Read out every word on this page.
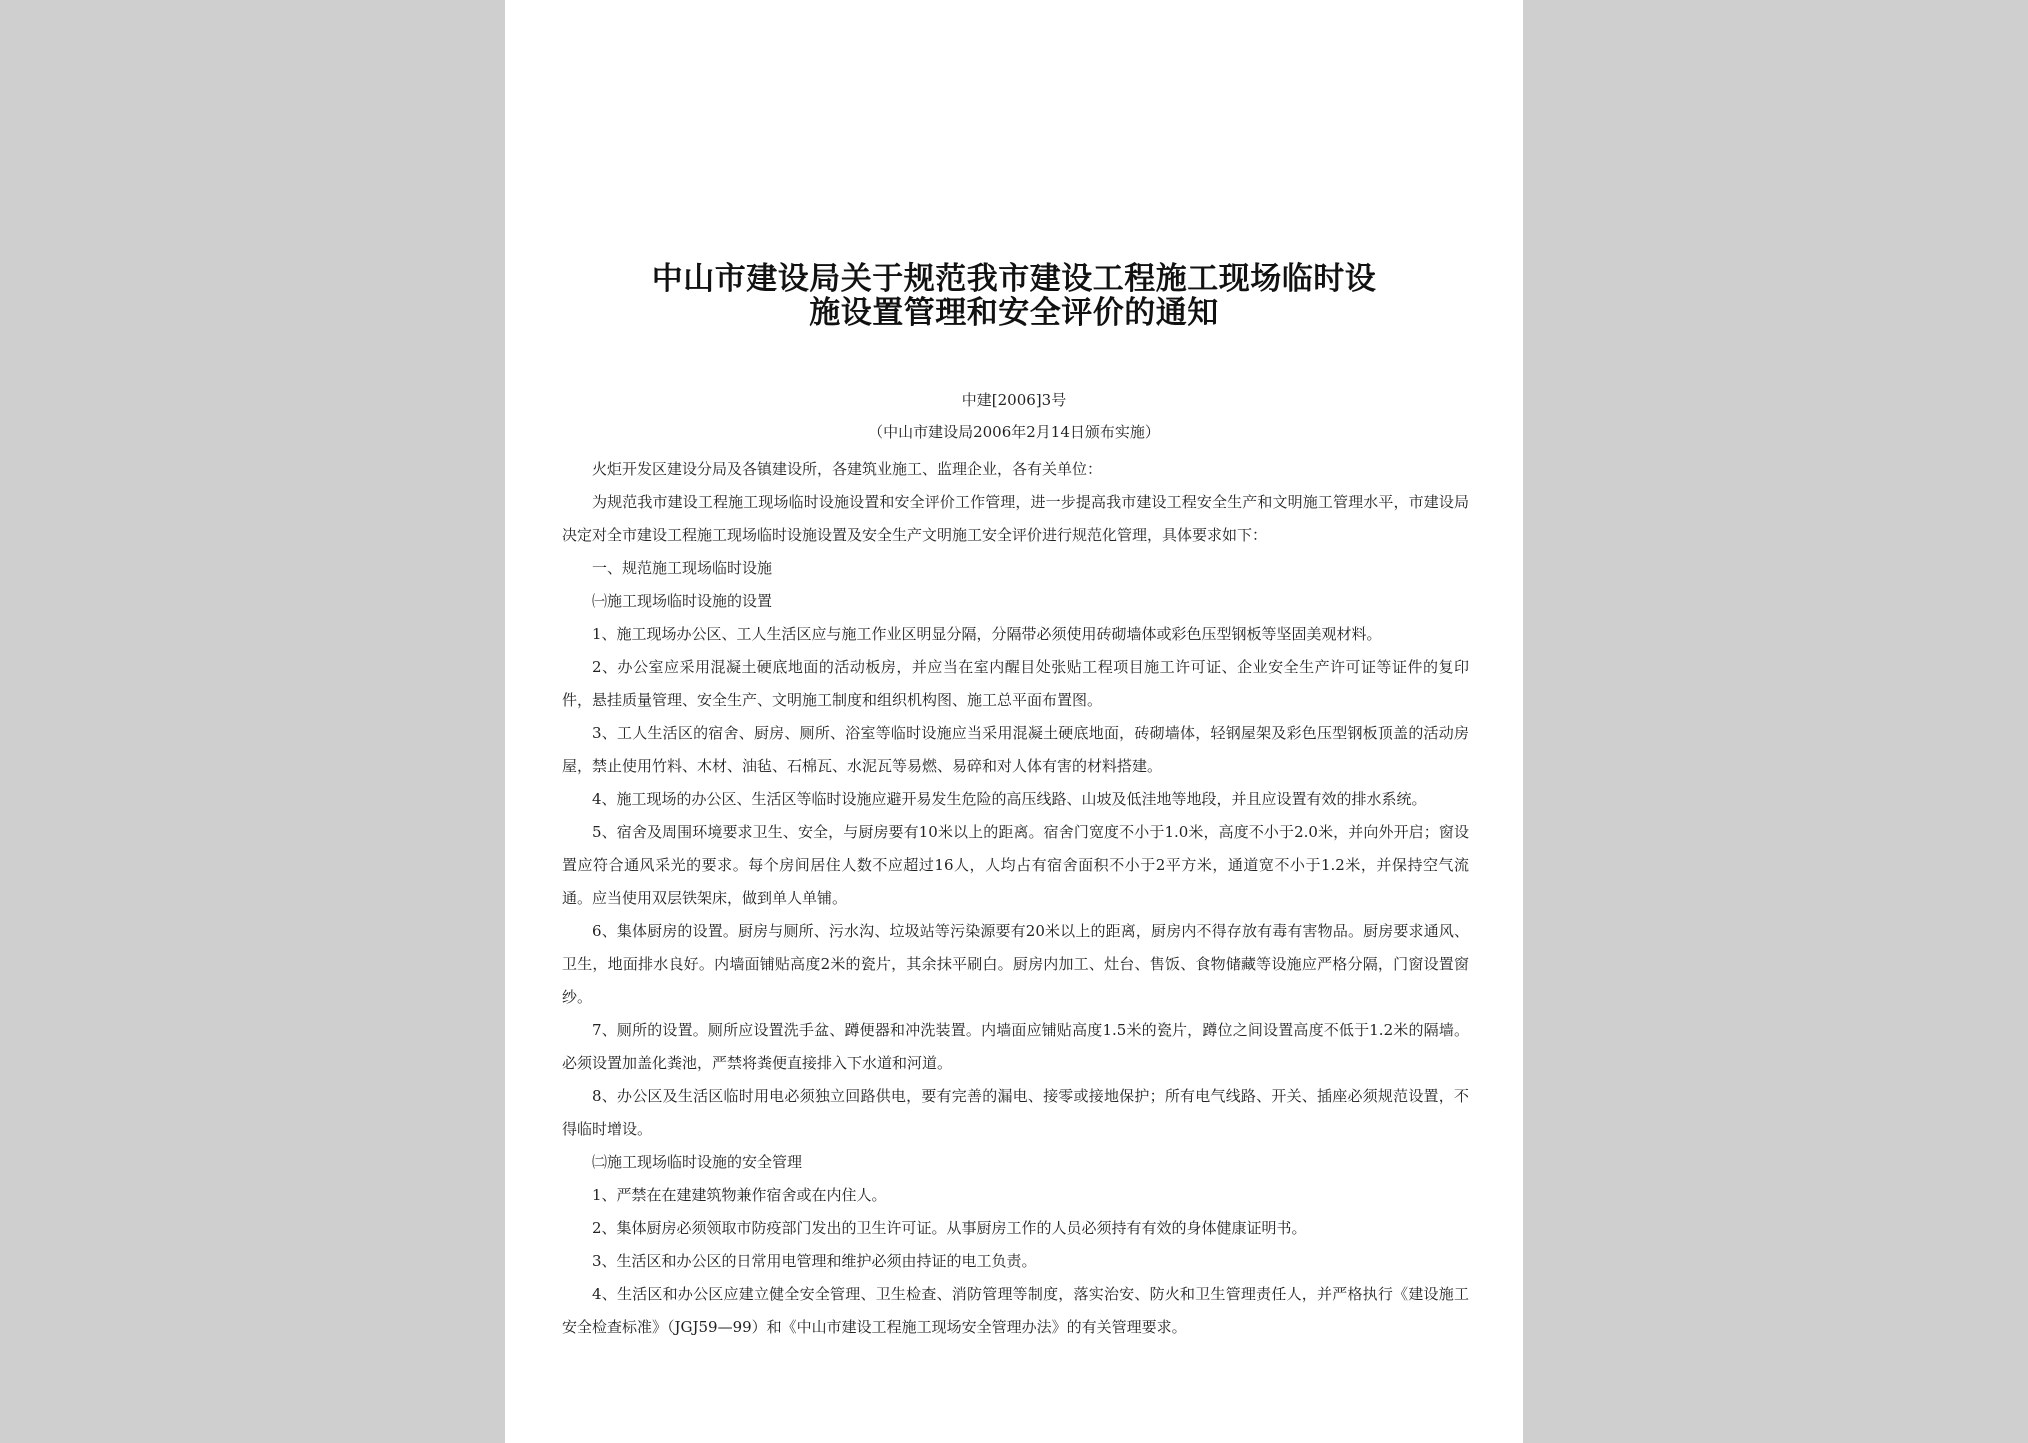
中山市建设局关于规范我市建设工程施工现场临时设
施设置管理和安全评价的通知
中建[2006]3号
（中山市建设局2006年2月14日颁布实施）

火炬开发区建设分局及各镇建设所，各建筑业施工、监理企业，各有关单位：

为规范我市建设工程施工现场临时设施设置和安全评价工作管理，进一步提高我市建设工程安全生产和文明施工管理水平，市建设局决定对全市建设工程施工现场临时设施设置及安全生产文明施工安全评价进行规范化管理，具体要求如下：

一、规范施工现场临时设施

㈠施工现场临时设施的设置

1、施工现场办公区、工人生活区应与施工作业区明显分隔，分隔带必须使用砖砌墙体或彩色压型钢板等坚固美观材料。

2、办公室应采用混凝土硬底地面的活动板房，并应当在室内醒目处张贴工程项目施工许可证、企业安全生产许可证等证件的复印件，悬挂质量管理、安全生产、文明施工制度和组织机构图、施工总平面布置图。

3、工人生活区的宿舍、厨房、厕所、浴室等临时设施应当采用混凝土硬底地面，砖砌墙体，轻钢屋架及彩色压型钢板顶盖的活动房屋，禁止使用竹料、木材、油毡、石棉瓦、水泥瓦等易燃、易碎和对人体有害的材料搭建。

4、施工现场的办公区、生活区等临时设施应避开易发生危险的高压线路、山坡及低洼地等地段，并且应设置有效的排水系统。

5、宿舍及周围环境要求卫生、安全，与厨房要有10米以上的距离。宿舍门宽度不小于1.0米，高度不小于2.0米，并向外开启；窗设置应符合通风采光的要求。每个房间居住人数不应超过16人，人均占有宿舍面积不小于2平方米，通道宽不小于1.2米，并保持空气流通。应当使用双层铁架床，做到单人单铺。

6、集体厨房的设置。厨房与厕所、污水沟、垃圾站等污染源要有20米以上的距离，厨房内不得存放有毒有害物品。厨房要求通风、卫生，地面排水良好。内墙面铺贴高度2米的瓷片，其余抹平刷白。厨房内加工、灶台、售饭、食物储藏等设施应严格分隔，门窗设置窗纱。

7、厕所的设置。厕所应设置洗手盆、蹲便器和冲洗装置。内墙面应铺贴高度1.5米的瓷片，蹲位之间设置高度不低于1.2米的隔墙。必须设置加盖化粪池，严禁将粪便直接排入下水道和河道。

8、办公区及生活区临时用电必须独立回路供电，要有完善的漏电、接零或接地保护；所有电气线路、开关、插座必须规范设置，不得临时增设。

㈡施工现场临时设施的安全管理

1、严禁在在建建筑物兼作宿舍或在内住人。

2、集体厨房必须领取市防疫部门发出的卫生许可证。从事厨房工作的人员必须持有有效的身体健康证明书。

3、生活区和办公区的日常用电管理和维护必须由持证的电工负责。

4、生活区和办公区应建立健全安全管理、卫生检查、消防管理等制度，落实治安、防火和卫生管理责任人，并严格执行《建设施工安全检查标准》（JGJ59—99）和《中山市建设工程施工现场安全管理办法》的有关管理要求。
